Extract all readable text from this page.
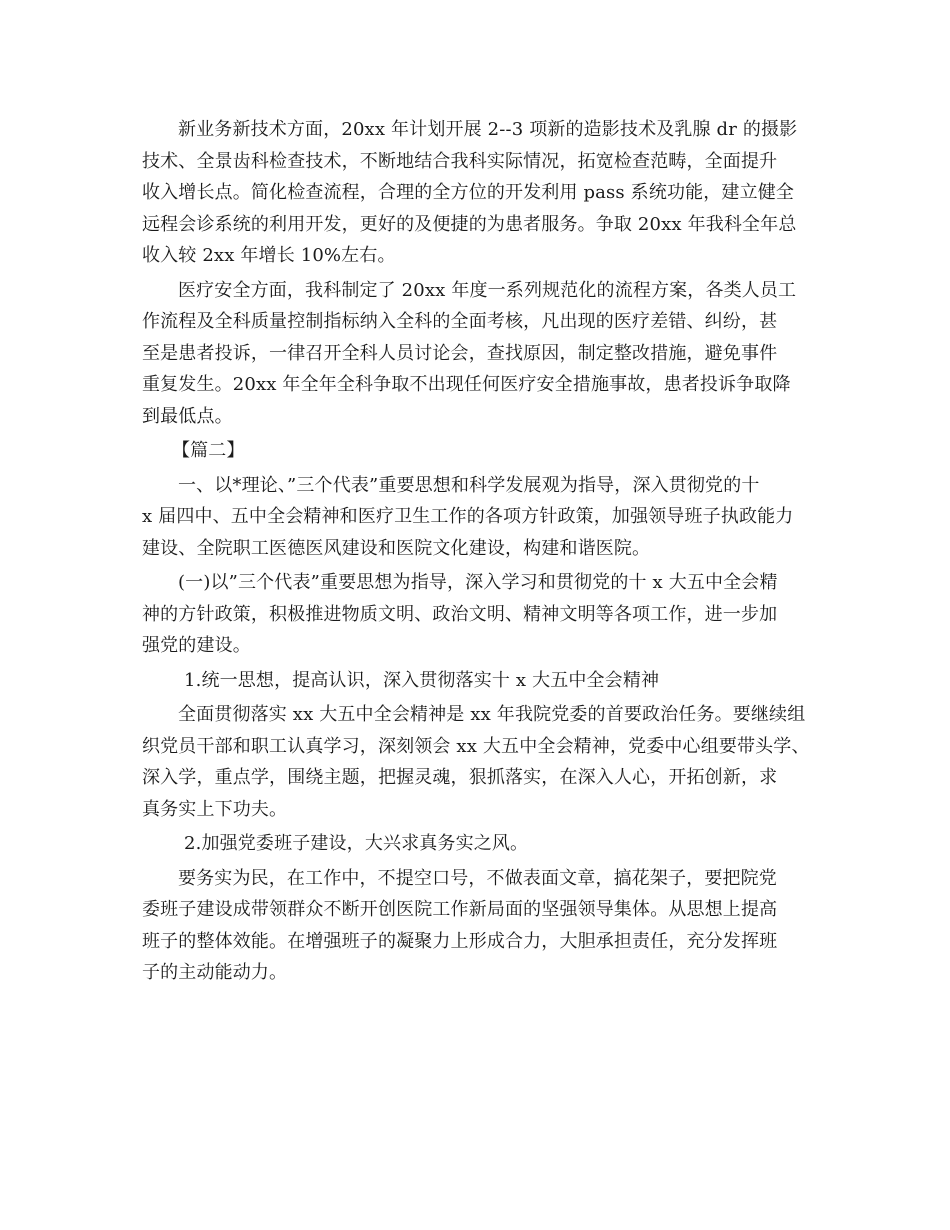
新业务新技术方面，20xx 年计划开展 2--3 项新的造影技术及乳腺 dr 的摄影
技术、全景齿科检查技术，不断地结合我科实际情况，拓宽检查范畴，全面提升
收入增长点。简化检查流程，合理的全方位的开发利用 pass 系统功能，建立健全
远程会诊系统的利用开发，更好的及便捷的为患者服务。争取 20xx 年我科全年总
收入较 2xx 年增长 10%左右。
医疗安全方面，我科制定了 20xx 年度一系列规范化的流程方案，各类人员工
作流程及全科质量控制指标纳入全科的全面考核，凡出现的医疗差错、纠纷，甚
至是患者投诉，一律召开全科人员讨论会，查找原因，制定整改措施，避免事件
重复发生。20xx 年全年全科争取不出现任何医疗安全措施事故，患者投诉争取降
到最低点。
【篇二】
一、以*理论、”三个代表”重要思想和科学发展观为指导，深入贯彻党的十
x 届四中、五中全会精神和医疗卫生工作的各项方针政策，加强领导班子执政能力
建设、全院职工医德医风建设和医院文化建设，构建和谐医院。
(一)以”三个代表”重要思想为指导，深入学习和贯彻党的十 x 大五中全会精
神的方针政策，积极推进物质文明、政治文明、精神文明等各项工作，进一步加
强党的建设。
1.统一思想，提高认识，深入贯彻落实十 x 大五中全会精神
全面贯彻落实 xx 大五中全会精神是 xx 年我院党委的首要政治任务。要继续组
织党员干部和职工认真学习，深刻领会 xx 大五中全会精神，党委中心组要带头学、
深入学，重点学，围绕主题，把握灵魂，狠抓落实，在深入人心，开拓创新，求
真务实上下功夫。
2.加强党委班子建设，大兴求真务实之风。
要务实为民，在工作中，不提空口号，不做表面文章，搞花架子，要把院党
委班子建设成带领群众不断开创医院工作新局面的坚强领导集体。从思想上提高
班子的整体效能。在增强班子的凝聚力上形成合力，大胆承担责任，充分发挥班
子的主动能动力。
